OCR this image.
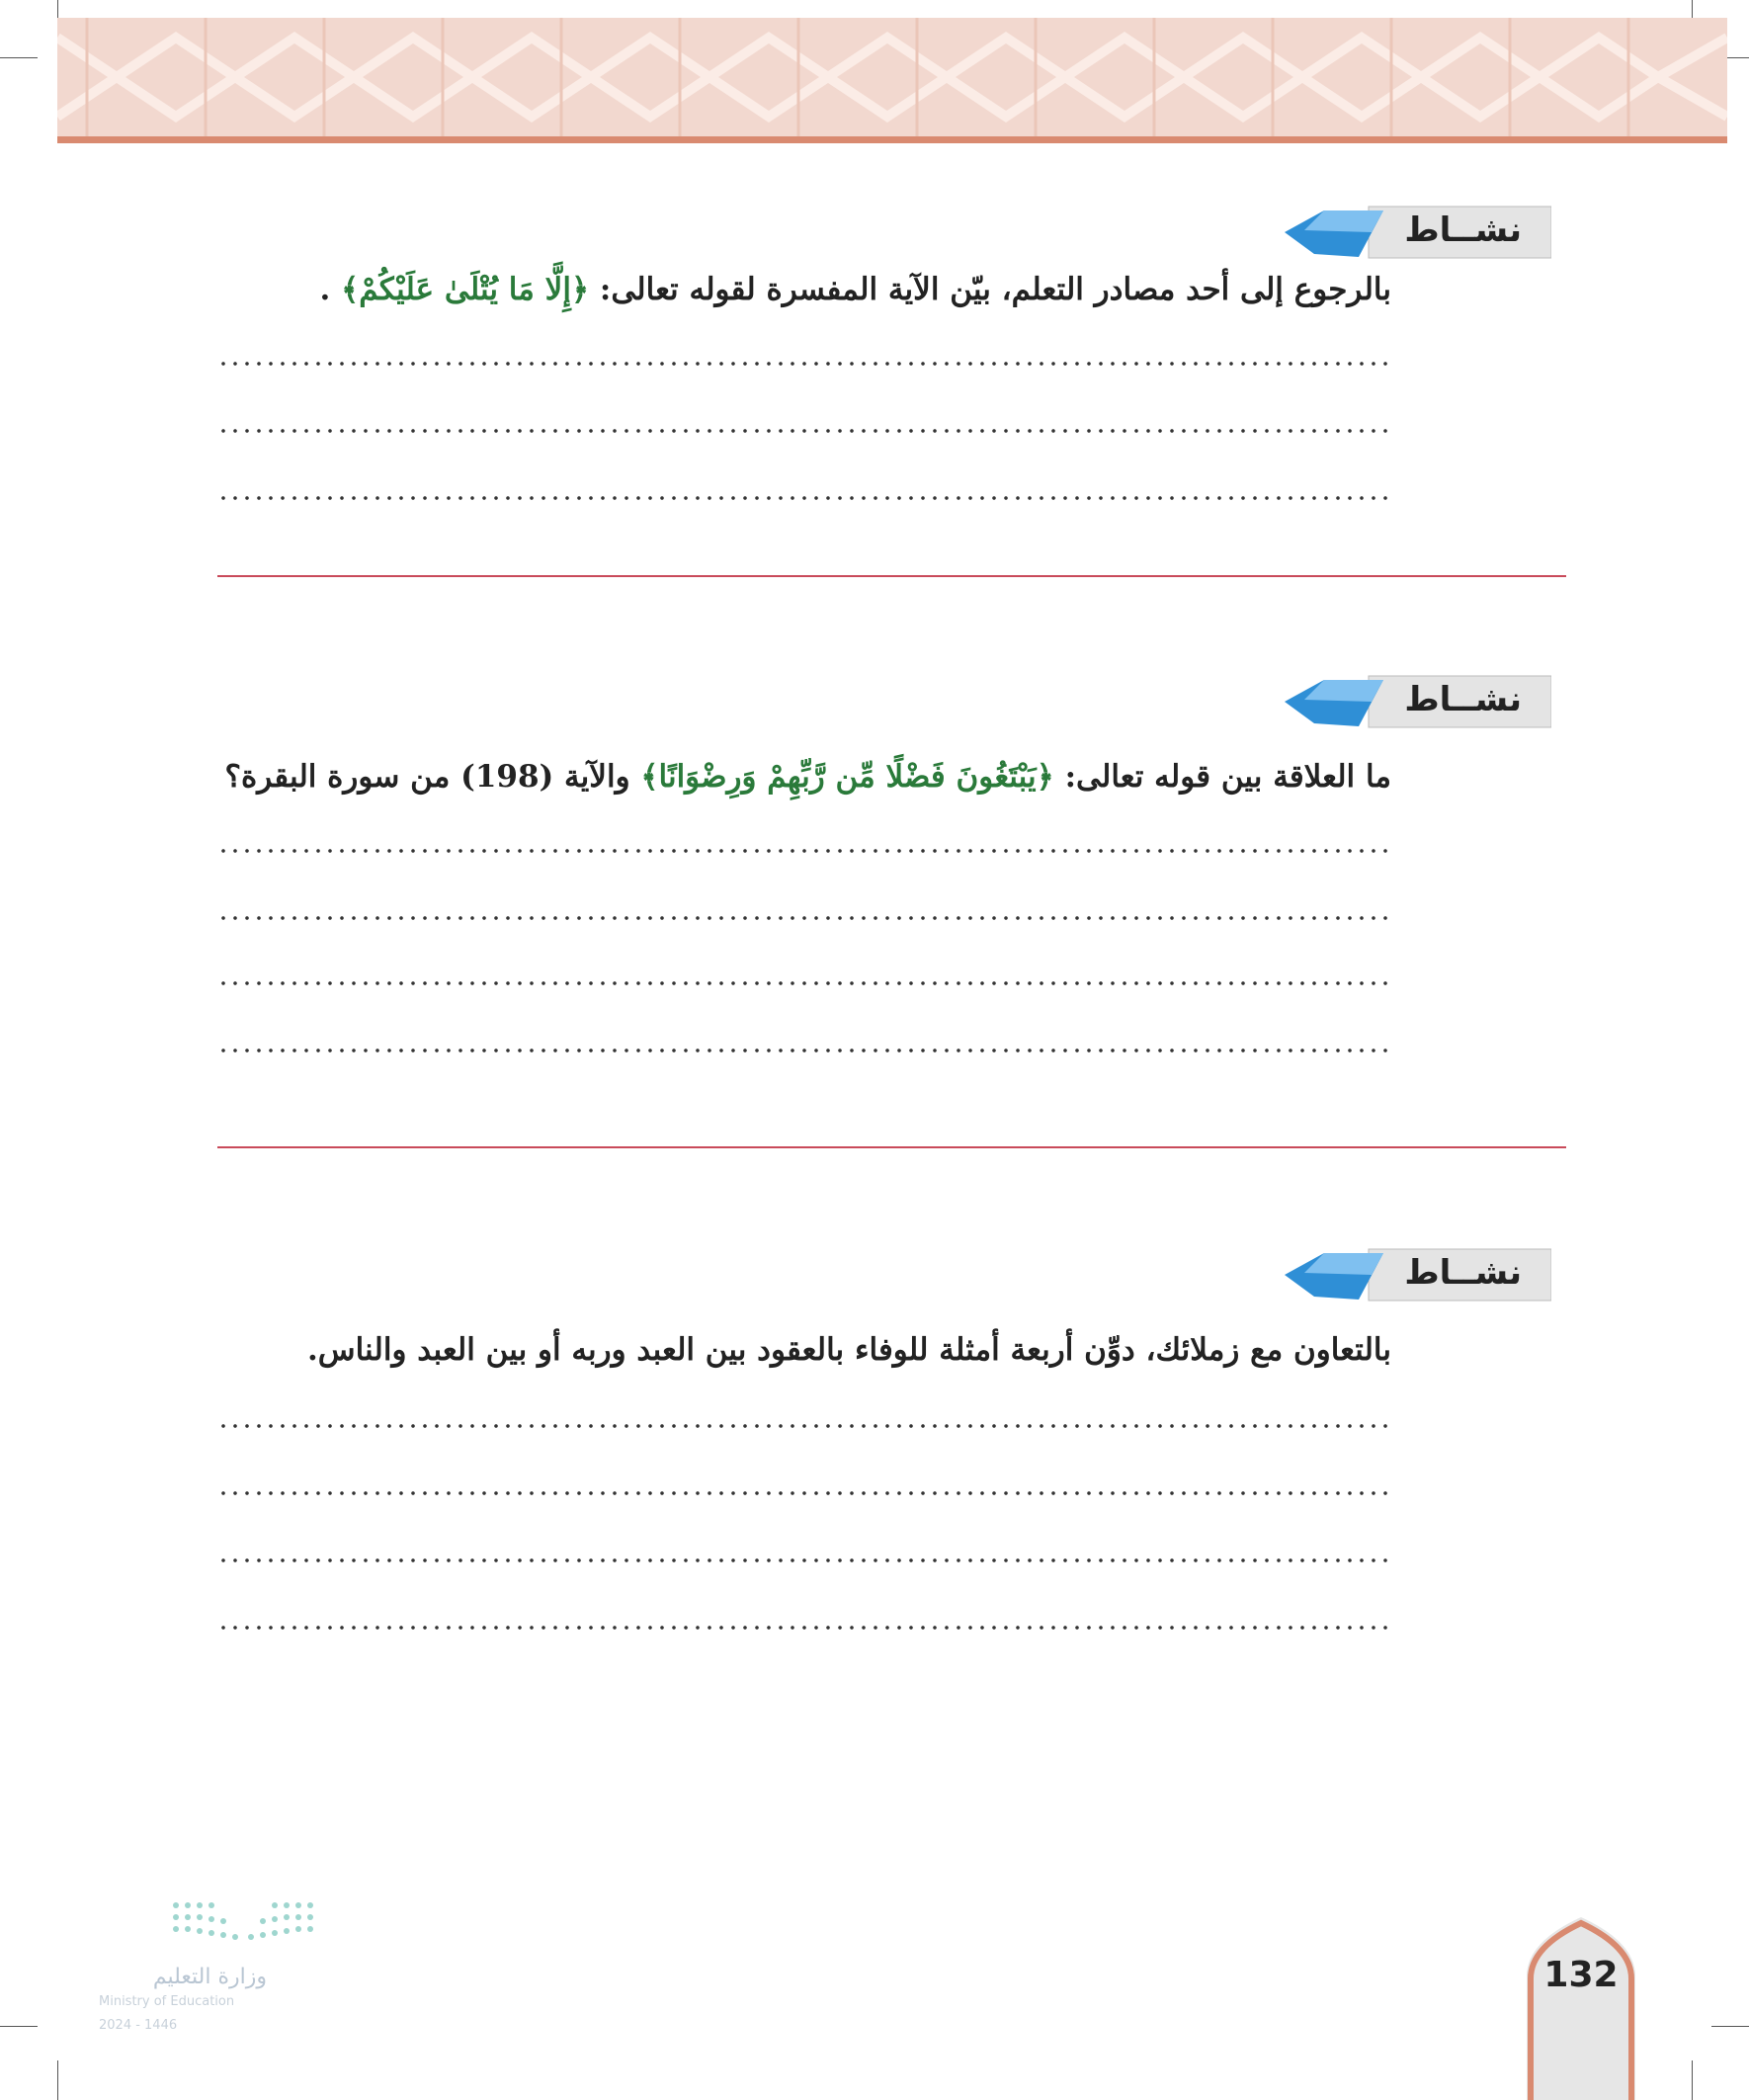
نشــاط
بالرجوع إلى أحد مصادر التعلم، بيّن الآية المفسرة لقوله تعالى: ﴿إِلَّا مَا يُتْلَىٰ عَلَيْكُمْ﴾ .
نشــاط
ما العلاقة بين قوله تعالى: ﴿يَبْتَغُونَ فَضْلًا مِّن رَّبِّهِمْ وَرِضْوَانًا﴾ والآية (198) من سورة البقرة؟
نشــاط
بالتعاون مع زملائك، دوِّن أربعة أمثلة للوفاء بالعقود بين العبد وربه أو بين العبد والناس.
وزارة التعليم
Ministry of Education
2024 - 1446
132
